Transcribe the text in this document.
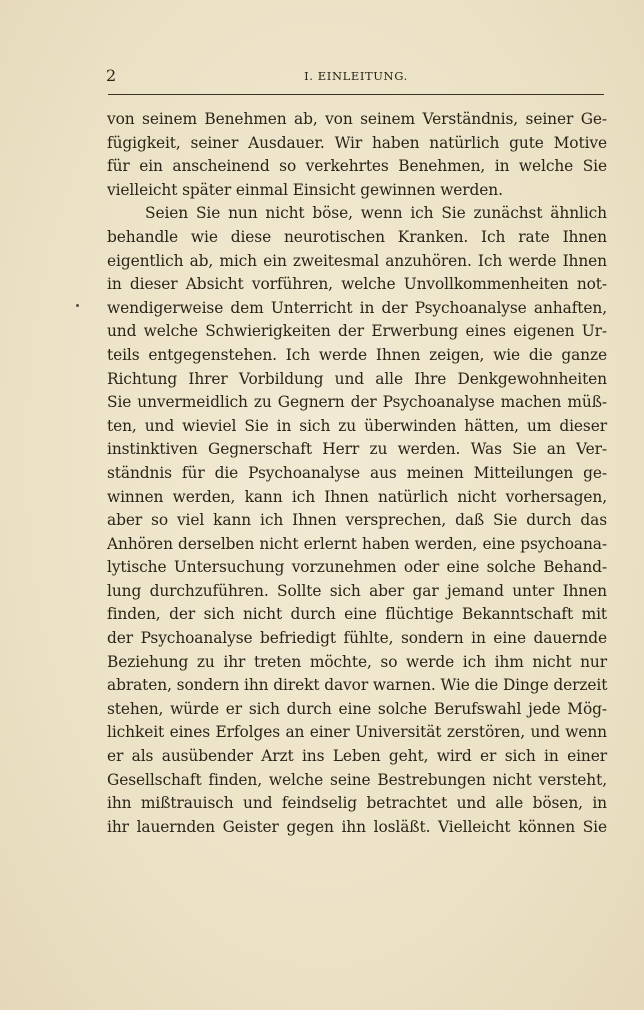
2	I. EINLEITUNG.
von seinem Benehmen ab, von seinem Verständnis, seiner Ge-
fügigkeit, seiner Ausdauer. Wir haben natürlich gute Motive
für ein anscheinend so verkehrtes Benehmen, in welche Sie
vielleicht später einmal Einsicht gewinnen werden.
Seien Sie nun nicht böse, wenn ich Sie zunächst ähnlich
behandle wie diese neurotischen Kranken. Ich rate Ihnen
eigentlich ab, mich ein zweitesmal anzuhören. Ich werde Ihnen
in dieser Absicht vorführen, welche Unvollkommenheiten not-
wendigerweise dem Unterricht in der Psychoanalyse anhaften,
und welche Schwierigkeiten der Erwerbung eines eigenen Ur-
teils entgegenstehen. Ich werde Ihnen zeigen, wie die ganze
Richtung Ihrer Vorbildung und alle Ihre Denkgewohnheiten
Sie unvermeidlich zu Gegnern der Psychoanalyse machen müß-
ten, und wieviel Sie in sich zu überwinden hätten, um dieser
instinktiven Gegnerschaft Herr zu werden. Was Sie an Ver-
ständnis für die Psychoanalyse aus meinen Mitteilungen ge-
winnen werden, kann ich Ihnen natürlich nicht vorhersagen,
aber so viel kann ich Ihnen versprechen, daß Sie durch das
Anhören derselben nicht erlernt haben werden, eine psychoana-
lytische Untersuchung vorzunehmen oder eine solche Behand-
lung durchzuführen. Sollte sich aber gar jemand unter Ihnen
finden, der sich nicht durch eine flüchtige Bekanntschaft mit
der Psychoanalyse befriedigt fühlte, sondern in eine dauernde
Beziehung zu ihr treten möchte, so werde ich ihm nicht nur
abraten, sondern ihn direkt davor warnen. Wie die Dinge derzeit
stehen, würde er sich durch eine solche Berufswahl jede Mög-
lichkeit eines Erfolges an einer Universität zerstören, und wenn
er als ausübender Arzt ins Leben geht, wird er sich in einer
Gesellschaft finden, welche seine Bestrebungen nicht versteht,
ihn mißtrauisch und feindselig betrachtet und alle bösen, in
ihr lauernden Geister gegen ihn losläßt. Vielleicht können Sie
